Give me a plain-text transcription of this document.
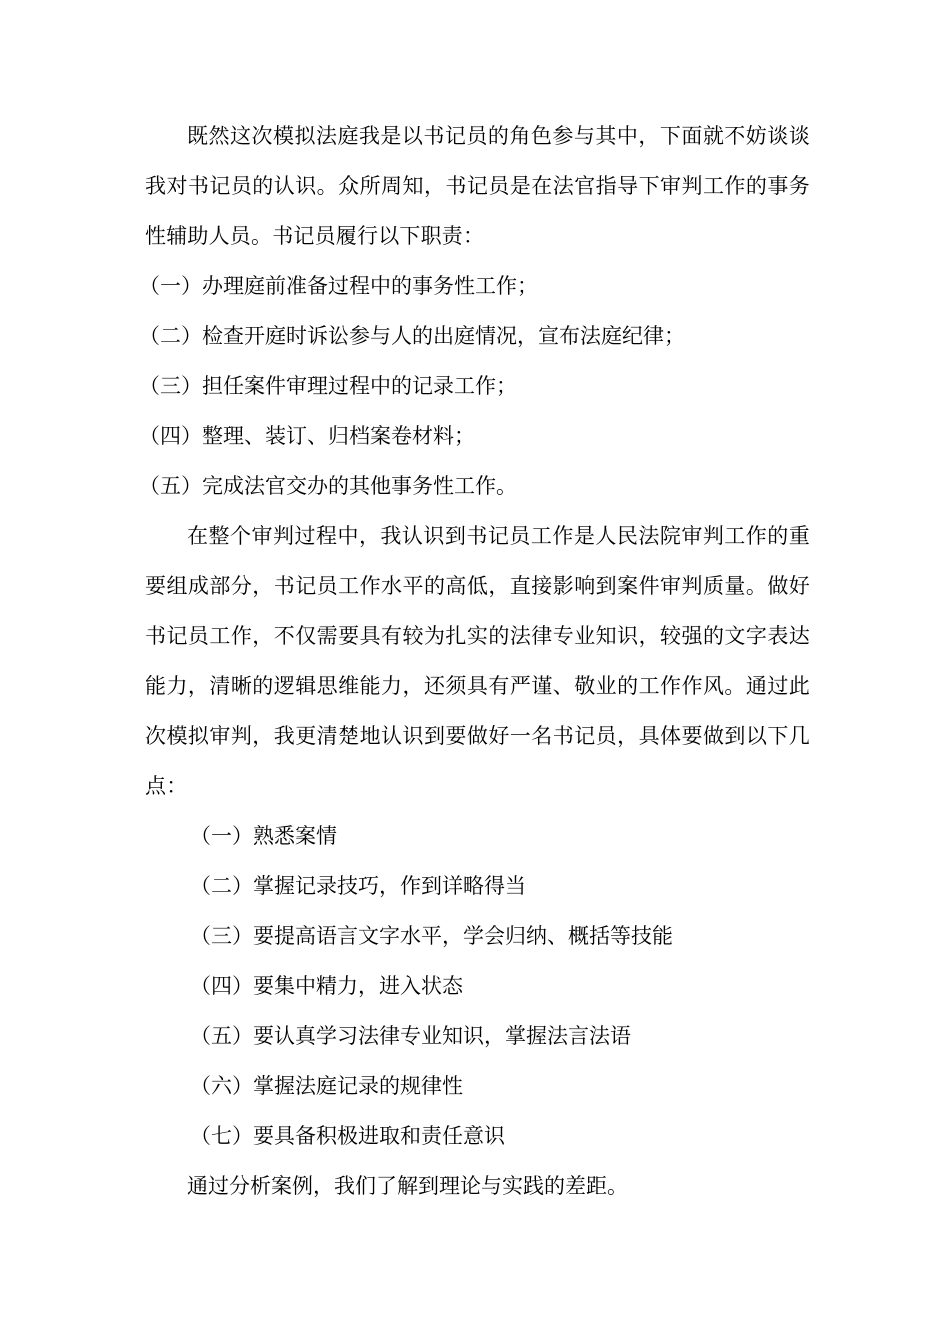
既然这次模拟法庭我是以书记员的角色参与其中，下面就不妨谈谈我对书记员的认识。众所周知，书记员是在法官指导下审判工作的事务性辅助人员。书记员履行以下职责：

（一）办理庭前准备过程中的事务性工作；

（二）检查开庭时诉讼参与人的出庭情况，宣布法庭纪律；

（三）担任案件审理过程中的记录工作；

（四）整理、装订、归档案卷材料；

（五）完成法官交办的其他事务性工作。

在整个审判过程中，我认识到书记员工作是人民法院审判工作的重要组成部分，书记员工作水平的高低，直接影响到案件审判质量。做好书记员工作，不仅需要具有较为扎实的法律专业知识，较强的文字表达能力，清晰的逻辑思维能力，还须具有严谨、敬业的工作作风。通过此次模拟审判，我更清楚地认识到要做好一名书记员，具体要做到以下几点：

（一）熟悉案情

（二）掌握记录技巧，作到详略得当

（三）要提高语言文字水平，学会归纳、概括等技能

（四）要集中精力，进入状态

（五）要认真学习法律专业知识，掌握法言法语

（六）掌握法庭记录的规律性

（七）要具备积极进取和责任意识

通过分析案例，我们了解到理论与实践的差距。
